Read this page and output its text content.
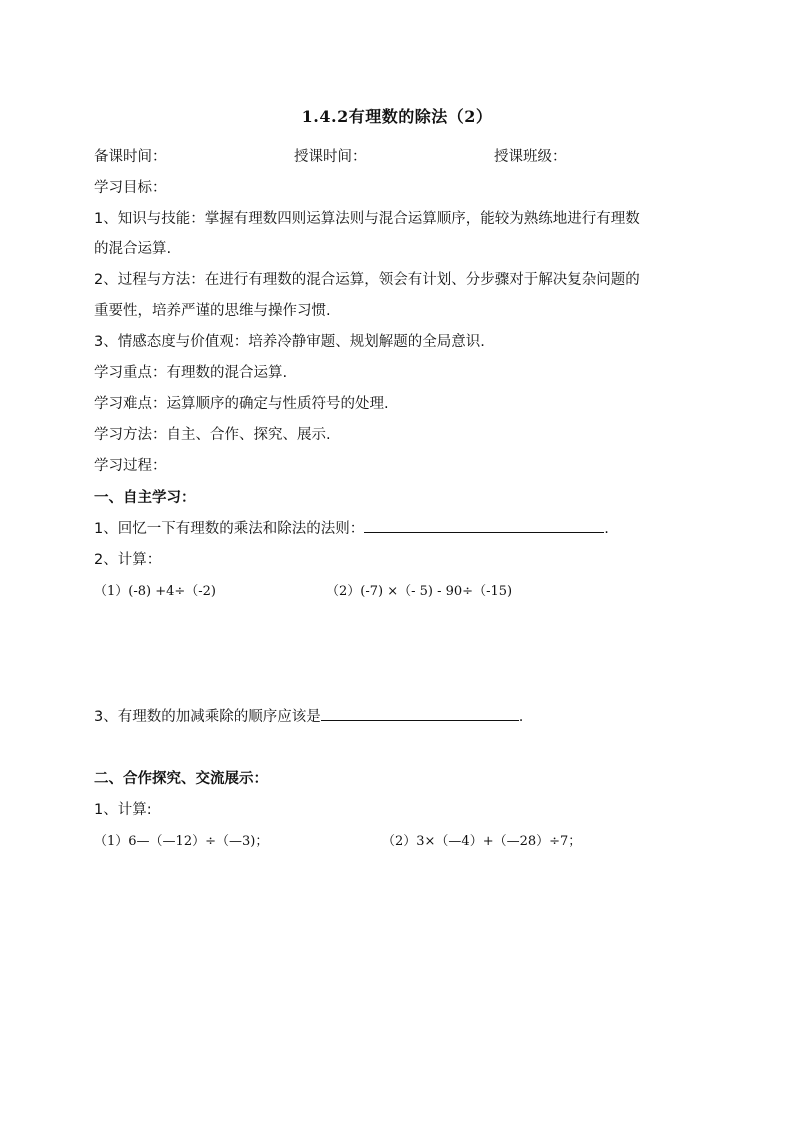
1.4.2有理数的除法（2）
备课时间：	授课时间：	授课班级：
学习目标：
1、知识与技能：掌握有理数四则运算法则与混合运算顺序，能较为熟练地进行有理数
的混合运算.
2、过程与方法：在进行有理数的混合运算，领会有计划、分步骤对于解决复杂问题的
重要性，培养严谨的思维与操作习惯.
3、情感态度与价值观：培养冷静审题、规划解题的全局意识.
学习重点：有理数的混合运算.
学习难点：运算顺序的确定与性质符号的处理.
学习方法：自主、合作、探究、展示.
学习过程：
一、自主学习：
1、回忆一下有理数的乘法和除法的法则：	.
2、计算：
（1）(-8) +4÷（-2)	（2）(-7) ×（- 5) - 90÷（-15)
3、有理数的加减乘除的顺序应该是	.
二、合作探究、交流展示：
1、计算:
（1）6—（—12）÷（—3)；	（2）3×（—4）+（—28）÷7；
